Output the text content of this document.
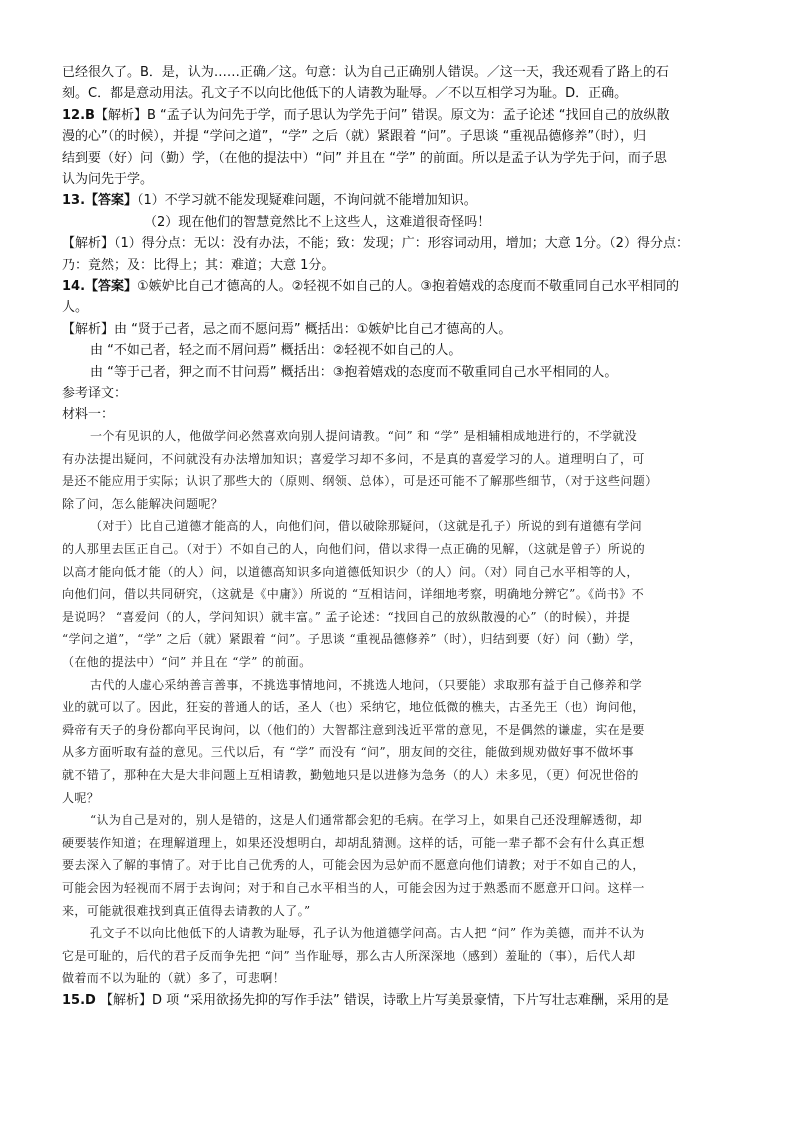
已经很久了。B．是，认为……正确／这。句意：认为自己正确别人错误。／这一天，我还观看了路上的石

刻。C．都是意动用法。孔文子不以向比他低下的人请教为耻辱。／不以互相学习为耻。D．正确。

12.B【解析】B “孟子认为问先于学，而子思认为学先于问” 错误。原文为：孟子论述 “找回自己的放纵散

漫的心”（的时候），并提 “学问之道”，“学” 之后（就）紧跟着 “问”。子思谈 “重视品德修养”（时），归

结到要（好）问（勤）学，（在他的提法中）“问” 并且在 “学” 的前面。所以是孟子认为学先于问，而子思

认为问先于学。

13.【答案】（1）不学习就不能发现疑难问题，不询问就不能增加知识。

（2）现在他们的智慧竟然比不上这些人，这难道很奇怪吗！

【解析】（1）得分点：无以：没有办法，不能；致：发现；广：形容词动用，增加；大意 1分。（2）得分点：

乃：竟然；及：比得上；其：难道；大意 1分。

14.【答案】①嫉妒比自己才德高的人。②轻视不如自己的人。③抱着嬉戏的态度而不敬重同自己水平相同的

人。

【解析】由 “贤于己者，忌之而不愿问焉” 概括出：①嫉妒比自己才德高的人。

由 “不如己者，轻之而不屑问焉” 概括出：②轻视不如自己的人。

由 “等于己者，狎之而不甘问焉” 概括出：③抱着嬉戏的态度而不敬重同自己水平相同的人。

参考译文：

材料一：

一个有见识的人，他做学问必然喜欢向别人提问请教。“问” 和 “学” 是相辅相成地进行的，不学就没

有办法提出疑问，不问就没有办法增加知识；喜爱学习却不多问，不是真的喜爱学习的人。道理明白了，可

是还不能应用于实际；认识了那些大的（原则、纲领、总体），可是还可能不了解那些细节，（对于这些问题）

除了问，怎么能解决问题呢？

（对于）比自己道德才能高的人，向他们问，借以破除那疑问，（这就是孔子）所说的到有道德有学问

的人那里去匡正自己。（对于）不如自己的人，向他们问，借以求得一点正确的见解，（这就是曾子）所说的

以高才能向低才能（的人）问，以道德高知识多向道德低知识少（的人）问。（对）同自己水平相等的人，

向他们问，借以共同研究，（这就是《中庸》）所说的 “互相诘问，详细地考察，明确地分辨它”。《尚书》不

是说吗？ “喜爱问（的人，学问知识）就丰富。” 孟子论述：“找回自己的放纵散漫的心”（的时候），并提

“学问之道”，“学” 之后（就）紧跟着 “问”。子思谈 “重视品德修养”（时），归结到要（好）问（勤）学，

（在他的提法中）“问” 并且在 “学” 的前面。

古代的人虚心采纳善言善事，不挑选事情地问，不挑选人地问，（只要能）求取那有益于自己修养和学

业的就可以了。因此，狂妄的普通人的话，圣人（也）采纳它，地位低微的樵夫，古圣先王（也）询问他，

舜帝有天子的身份都向平民询问，以（他们的）大智都注意到浅近平常的意见，不是偶然的谦虚，实在是要

从多方面听取有益的意见。三代以后，有 “学” 而没有 “问”，朋友间的交往，能做到规劝做好事不做坏事

就不错了，那种在大是大非问题上互相请教，勤勉地只是以进修为急务（的人）未多见，（更）何况世俗的

人呢？

“认为自己是对的，别人是错的，这是人们通常都会犯的毛病。在学习上，如果自己还没理解透彻，却

硬要装作知道；在理解道理上，如果还没想明白，却胡乱猜测。这样的话，可能一辈子都不会有什么真正想

要去深入了解的事情了。对于比自己优秀的人，可能会因为忌妒而不愿意向他们请教；对于不如自己的人，

可能会因为轻视而不屑于去询问；对于和自己水平相当的人，可能会因为过于熟悉而不愿意开口问。这样一

来，可能就很难找到真正值得去请教的人了。”

孔文子不以向比他低下的人请教为耻辱，孔子认为他道德学问高。古人把 “问” 作为美德，而并不认为

它是可耻的，后代的君子反而争先把 “问” 当作耻辱，那么古人所深深地（感到）羞耻的（事），后代人却

做着而不以为耻的（就）多了，可悲啊！

15.D 【解析】D 项 “采用欲扬先抑的写作手法” 错误，诗歌上片写美景豪情，下片写壮志难酬，采用的是
